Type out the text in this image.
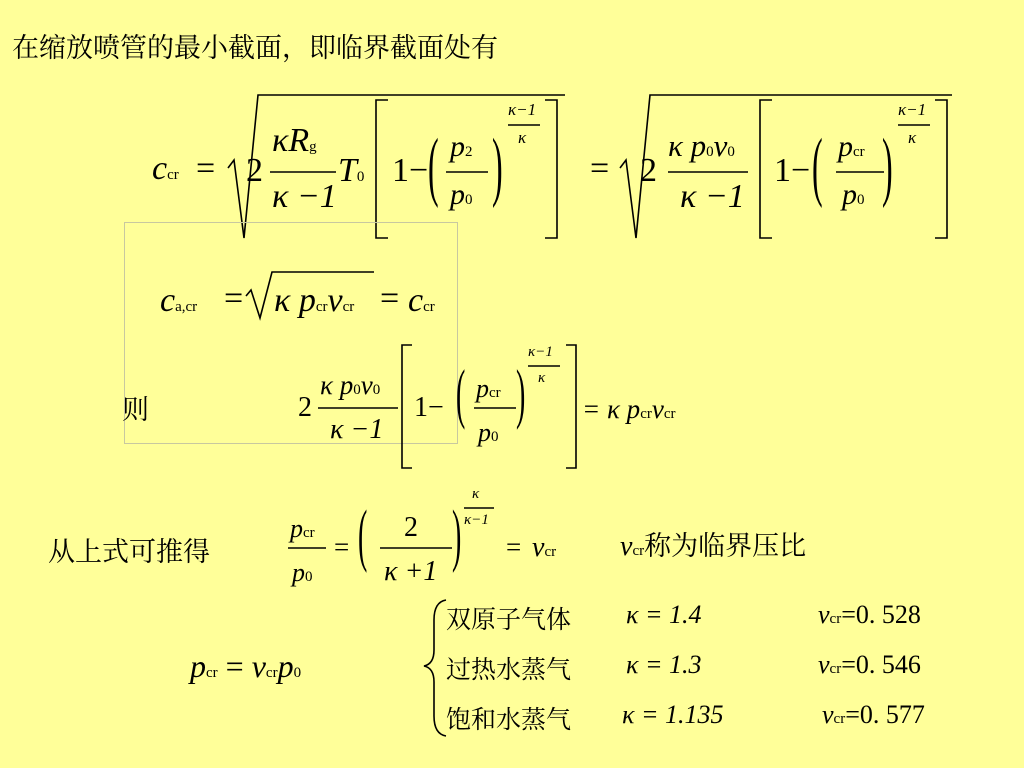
在缩放喷管的最小截面，即临界截面处有
ccr = 2
κRg
κ −1
T0 1− ( )
p2
p0
κ−1
κ
= 2
κ p0v0
κ −1
1− ( )
pcr
p0
κ−1
κ
ca,cr = κ pcrvcr = ccr
则	2
κ p0v0
κ −1
1− ( )
pcr
p0
κ−1
κ
= κ pcrvcr
从上式可推得
pcr
p0
= (	)
2
κ +1
κ
κ−1
= νcr νcr称为临界压比
pcr = νcrp0
双原子气体 κ = 1.4	νcr=0. 528
过热水蒸气 κ = 1.3	νcr=0. 546
饱和水蒸气 κ = 1.135	νcr=0. 577
